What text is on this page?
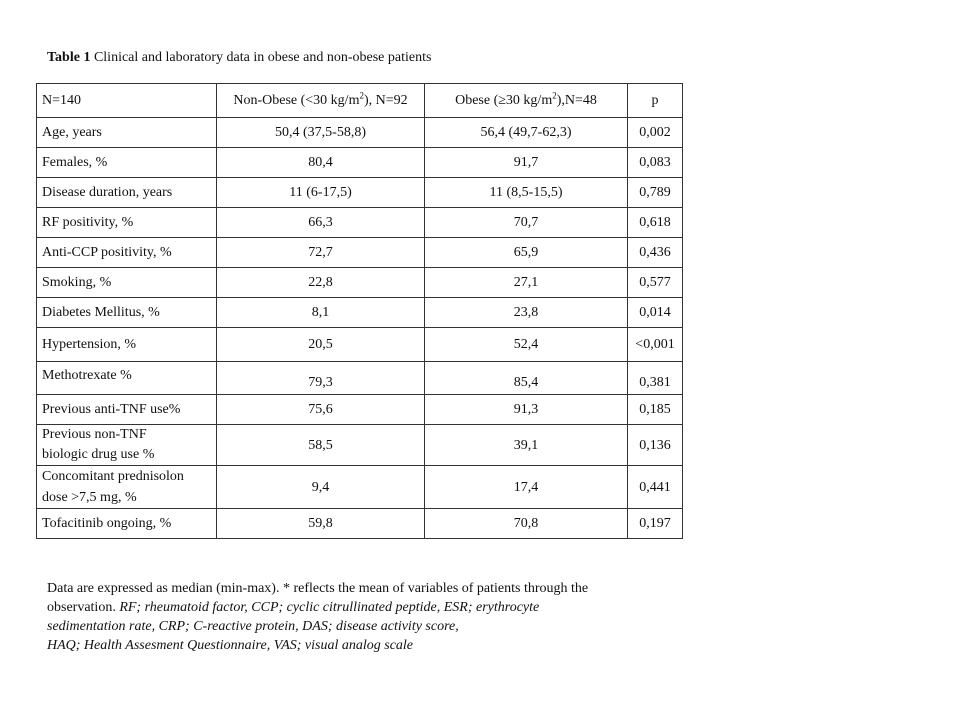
Table 1 Clinical and laboratory data in obese and non-obese patients
N=140	Non-Obese (<30 $kg/m^2$), N=92	Obese (≥30 $kg/m^2),N=48$	p
Age, years	50,4 (37,5-58,8)	56,4 (49,7-62,3)	0,002
Females, %	80,4	91,7	0,083
Disease duration, years	11 (6-17,5)	11 (8,5-15,5)	0,789
RF positivity, %	66,3	70,7	0,618
Anti-CCP positivity, %	72,7	65,9	0,436
Smoking, %	22,8	27,1	0,577
Diabetes Mellitus, %	8,1	23,8	0,014
Hypertension, %	20,5	52,4	<0,001
Methotrexate %	79,3	85,4	0,381
Previous anti-TNF use%	75,6	91,3	0,185
Previous non-TNF
biologic drug use %	58,5	39,1	0,136
Concomitant prednisolon
dose >7,5 mg, %	9,4	17,4	0,441
Tofacitinib ongoing, %	59,8	70,8	0,197
Data are expressed as median (min-max). * reflects the mean of variables of patients through the
observation. RF; rheumatoid factor, CCP; cyclic citrullinated peptide, ESR; erythrocyte
sedimentation rate, CRP; C-reactive protein, DAS; disease activity score,
HAQ; Health Assesment Questionnaire, VAS; visual analog scale
